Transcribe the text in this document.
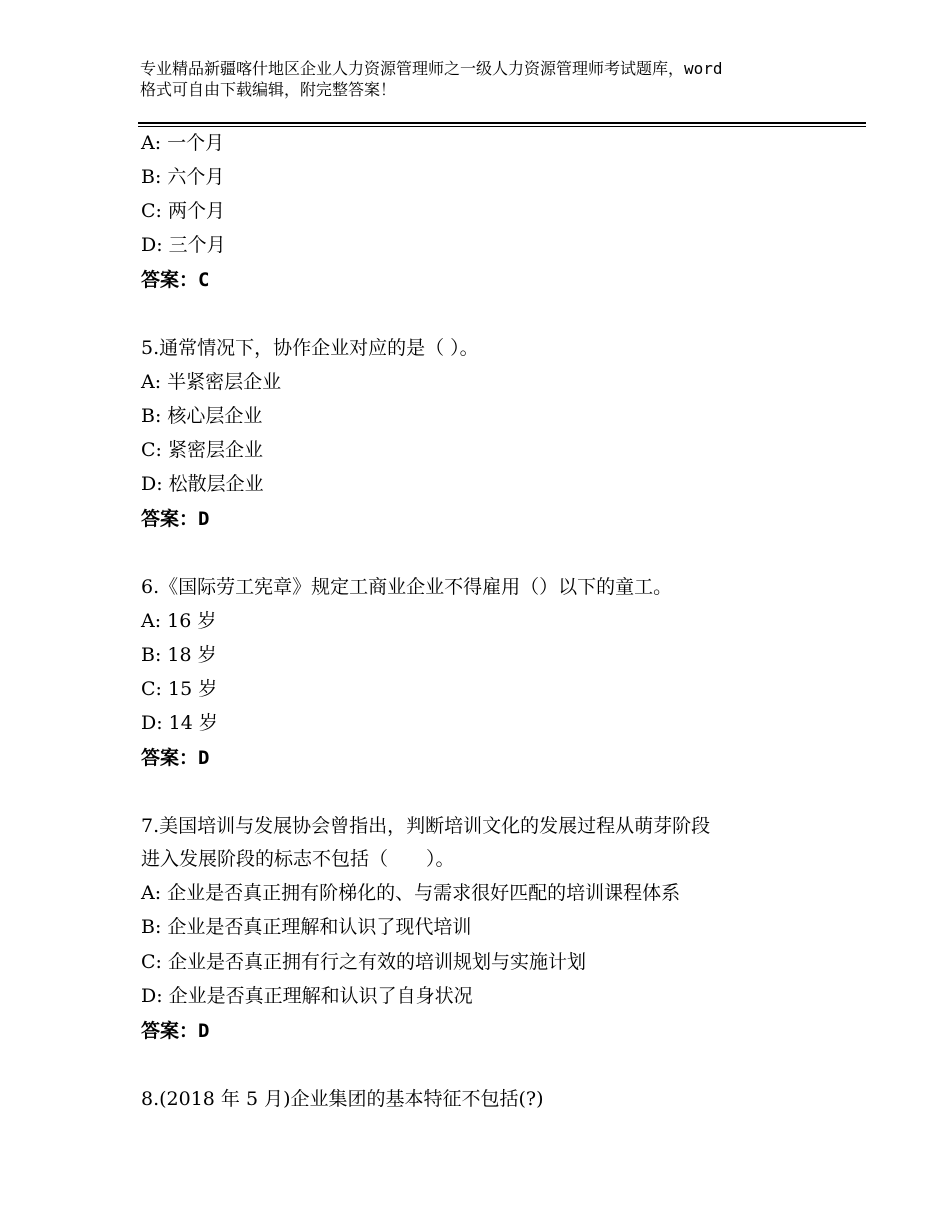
专业精品新疆喀什地区企业人力资源管理师之一级人力资源管理师考试题库，word
格式可自由下载编辑，附完整答案！
A: 一个月
B: 六个月
C: 两个月
D: 三个月
答案：C
5.通常情况下，协作企业对应的是（ ）。
A: 半紧密层企业
B: 核心层企业
C: 紧密层企业
D: 松散层企业
答案：D
6.《国际劳工宪章》规定工商业企业不得雇用（）以下的童工。
A: 16 岁
B: 18 岁
C: 15 岁
D: 14 岁
答案：D
7.美国培训与发展协会曾指出，判断培训文化的发展过程从萌芽阶段
进入发展阶段的标志不包括（　　）。
A: 企业是否真正拥有阶梯化的、与需求很好匹配的培训课程体系
B: 企业是否真正理解和认识了现代培训
C: 企业是否真正拥有行之有效的培训规划与实施计划
D: 企业是否真正理解和认识了自身状况
答案：D
8.(2018 年 5 月)企业集团的基本特征不包括(?)
